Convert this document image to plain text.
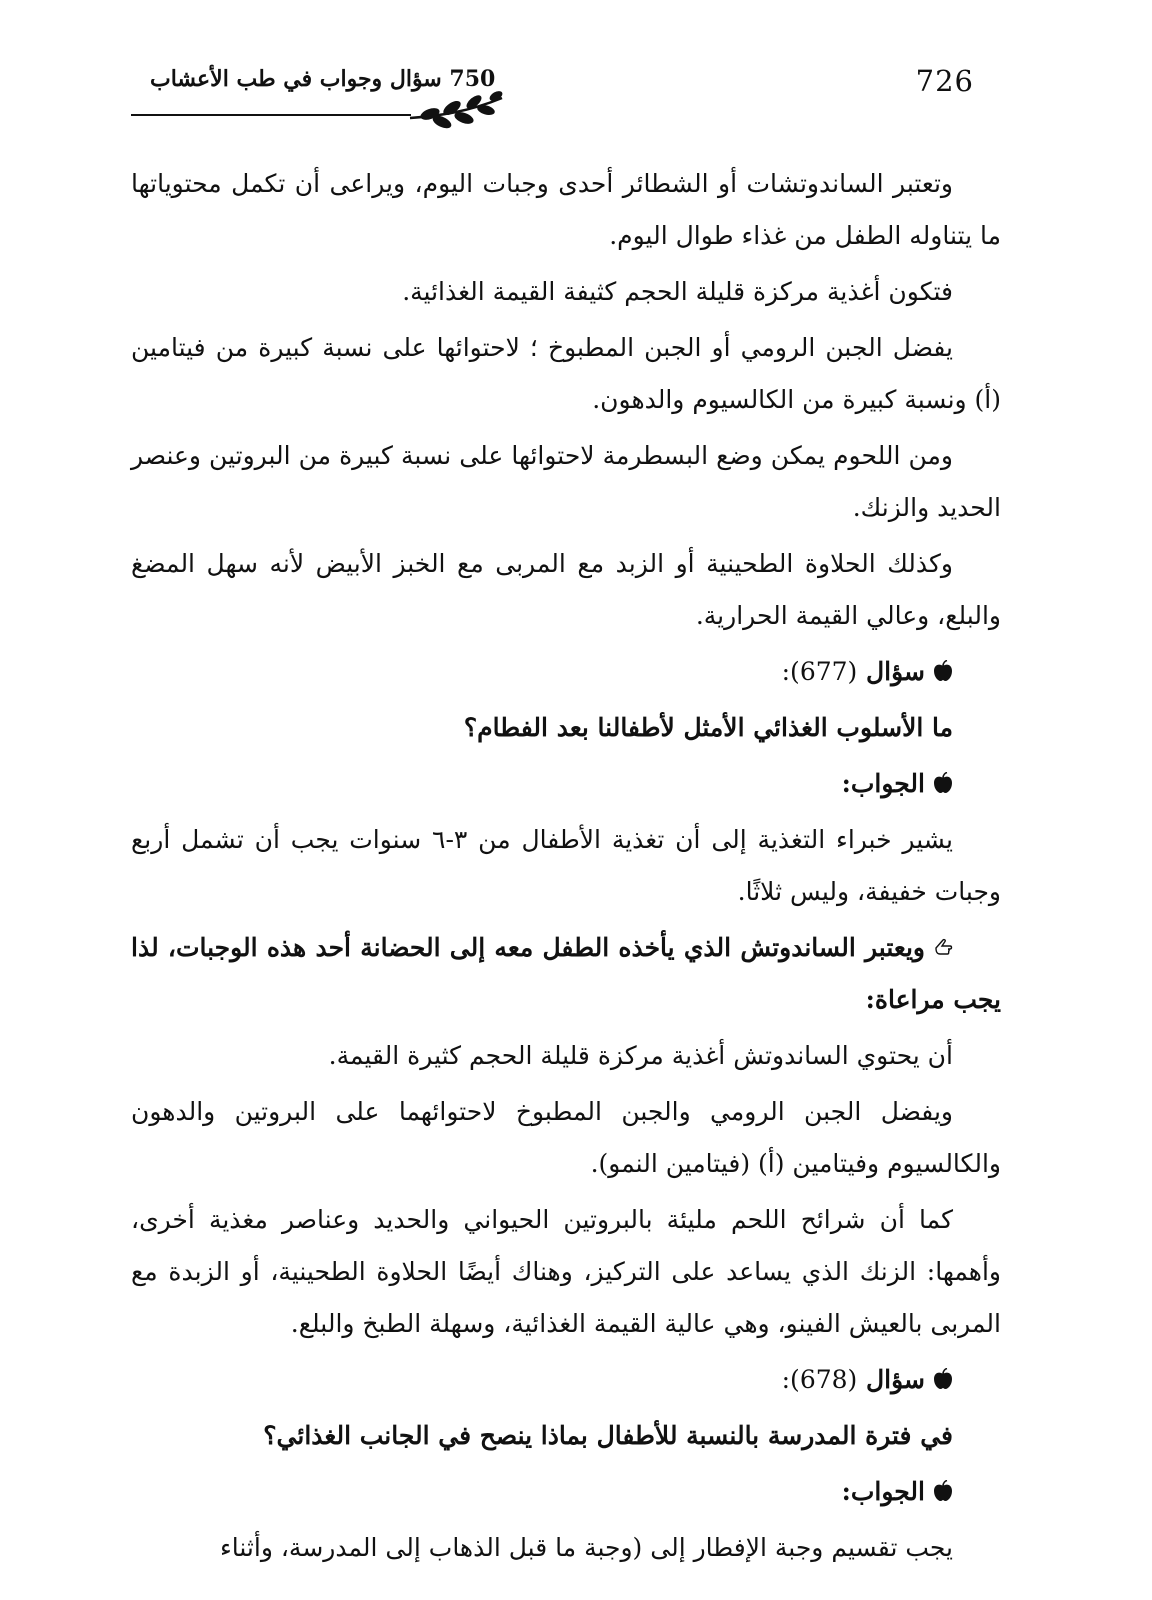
726
750 سؤال وجواب في طب الأعشاب

وتعتبر الساندوتشات أو الشطائر أحدى وجبات اليوم، ويراعى أن تكمل محتوياتها ما يتناوله الطفل من غذاء طوال اليوم.

فتكون أغذية مركزة قليلة الحجم كثيفة القيمة الغذائية.

يفضل الجبن الرومي أو الجبن المطبوخ ؛ لاحتوائها على نسبة كبيرة من فيتامين (أ) ونسبة كبيرة من الكالسيوم والدهون.

ومن اللحوم يمكن وضع البسطرمة لاحتوائها على نسبة كبيرة من البروتين وعنصر الحديد والزنك.

وكذلك الحلاوة الطحينية أو الزبد مع المربى مع الخبز الأبيض لأنه سهل المضغ والبلع، وعالي القيمة الحرارية.

سؤال (677):

ما الأسلوب الغذائي الأمثل لأطفالنا بعد الفطام؟

الجواب:

يشير خبراء التغذية إلى أن تغذية الأطفال من ٣-٦ سنوات يجب أن تشمل أربع وجبات خفيفة، وليس ثلاثًا.

ويعتبر الساندوتش الذي يأخذه الطفل معه إلى الحضانة أحد هذه الوجبات، لذا يجب مراعاة:

أن يحتوي الساندوتش أغذية مركزة قليلة الحجم كثيرة القيمة.

ويفضل الجبن الرومي والجبن المطبوخ لاحتوائهما على البروتين والدهون والكالسيوم وفيتامين (أ) (فيتامين النمو).

كما أن شرائح اللحم مليئة بالبروتين الحيواني والحديد وعناصر مغذية أخرى، وأهمها: الزنك الذي يساعد على التركيز، وهناك أيضًا الحلاوة الطحينية، أو الزبدة مع المربى بالعيش الفينو، وهي عالية القيمة الغذائية، وسهلة الطبخ والبلع.

سؤال (678):

في فترة المدرسة بالنسبة للأطفال بماذا ينصح في الجانب الغذائي؟

الجواب:

يجب تقسيم وجبة الإفطار إلى (وجبة ما قبل الذهاب إلى المدرسة، وأثناء
